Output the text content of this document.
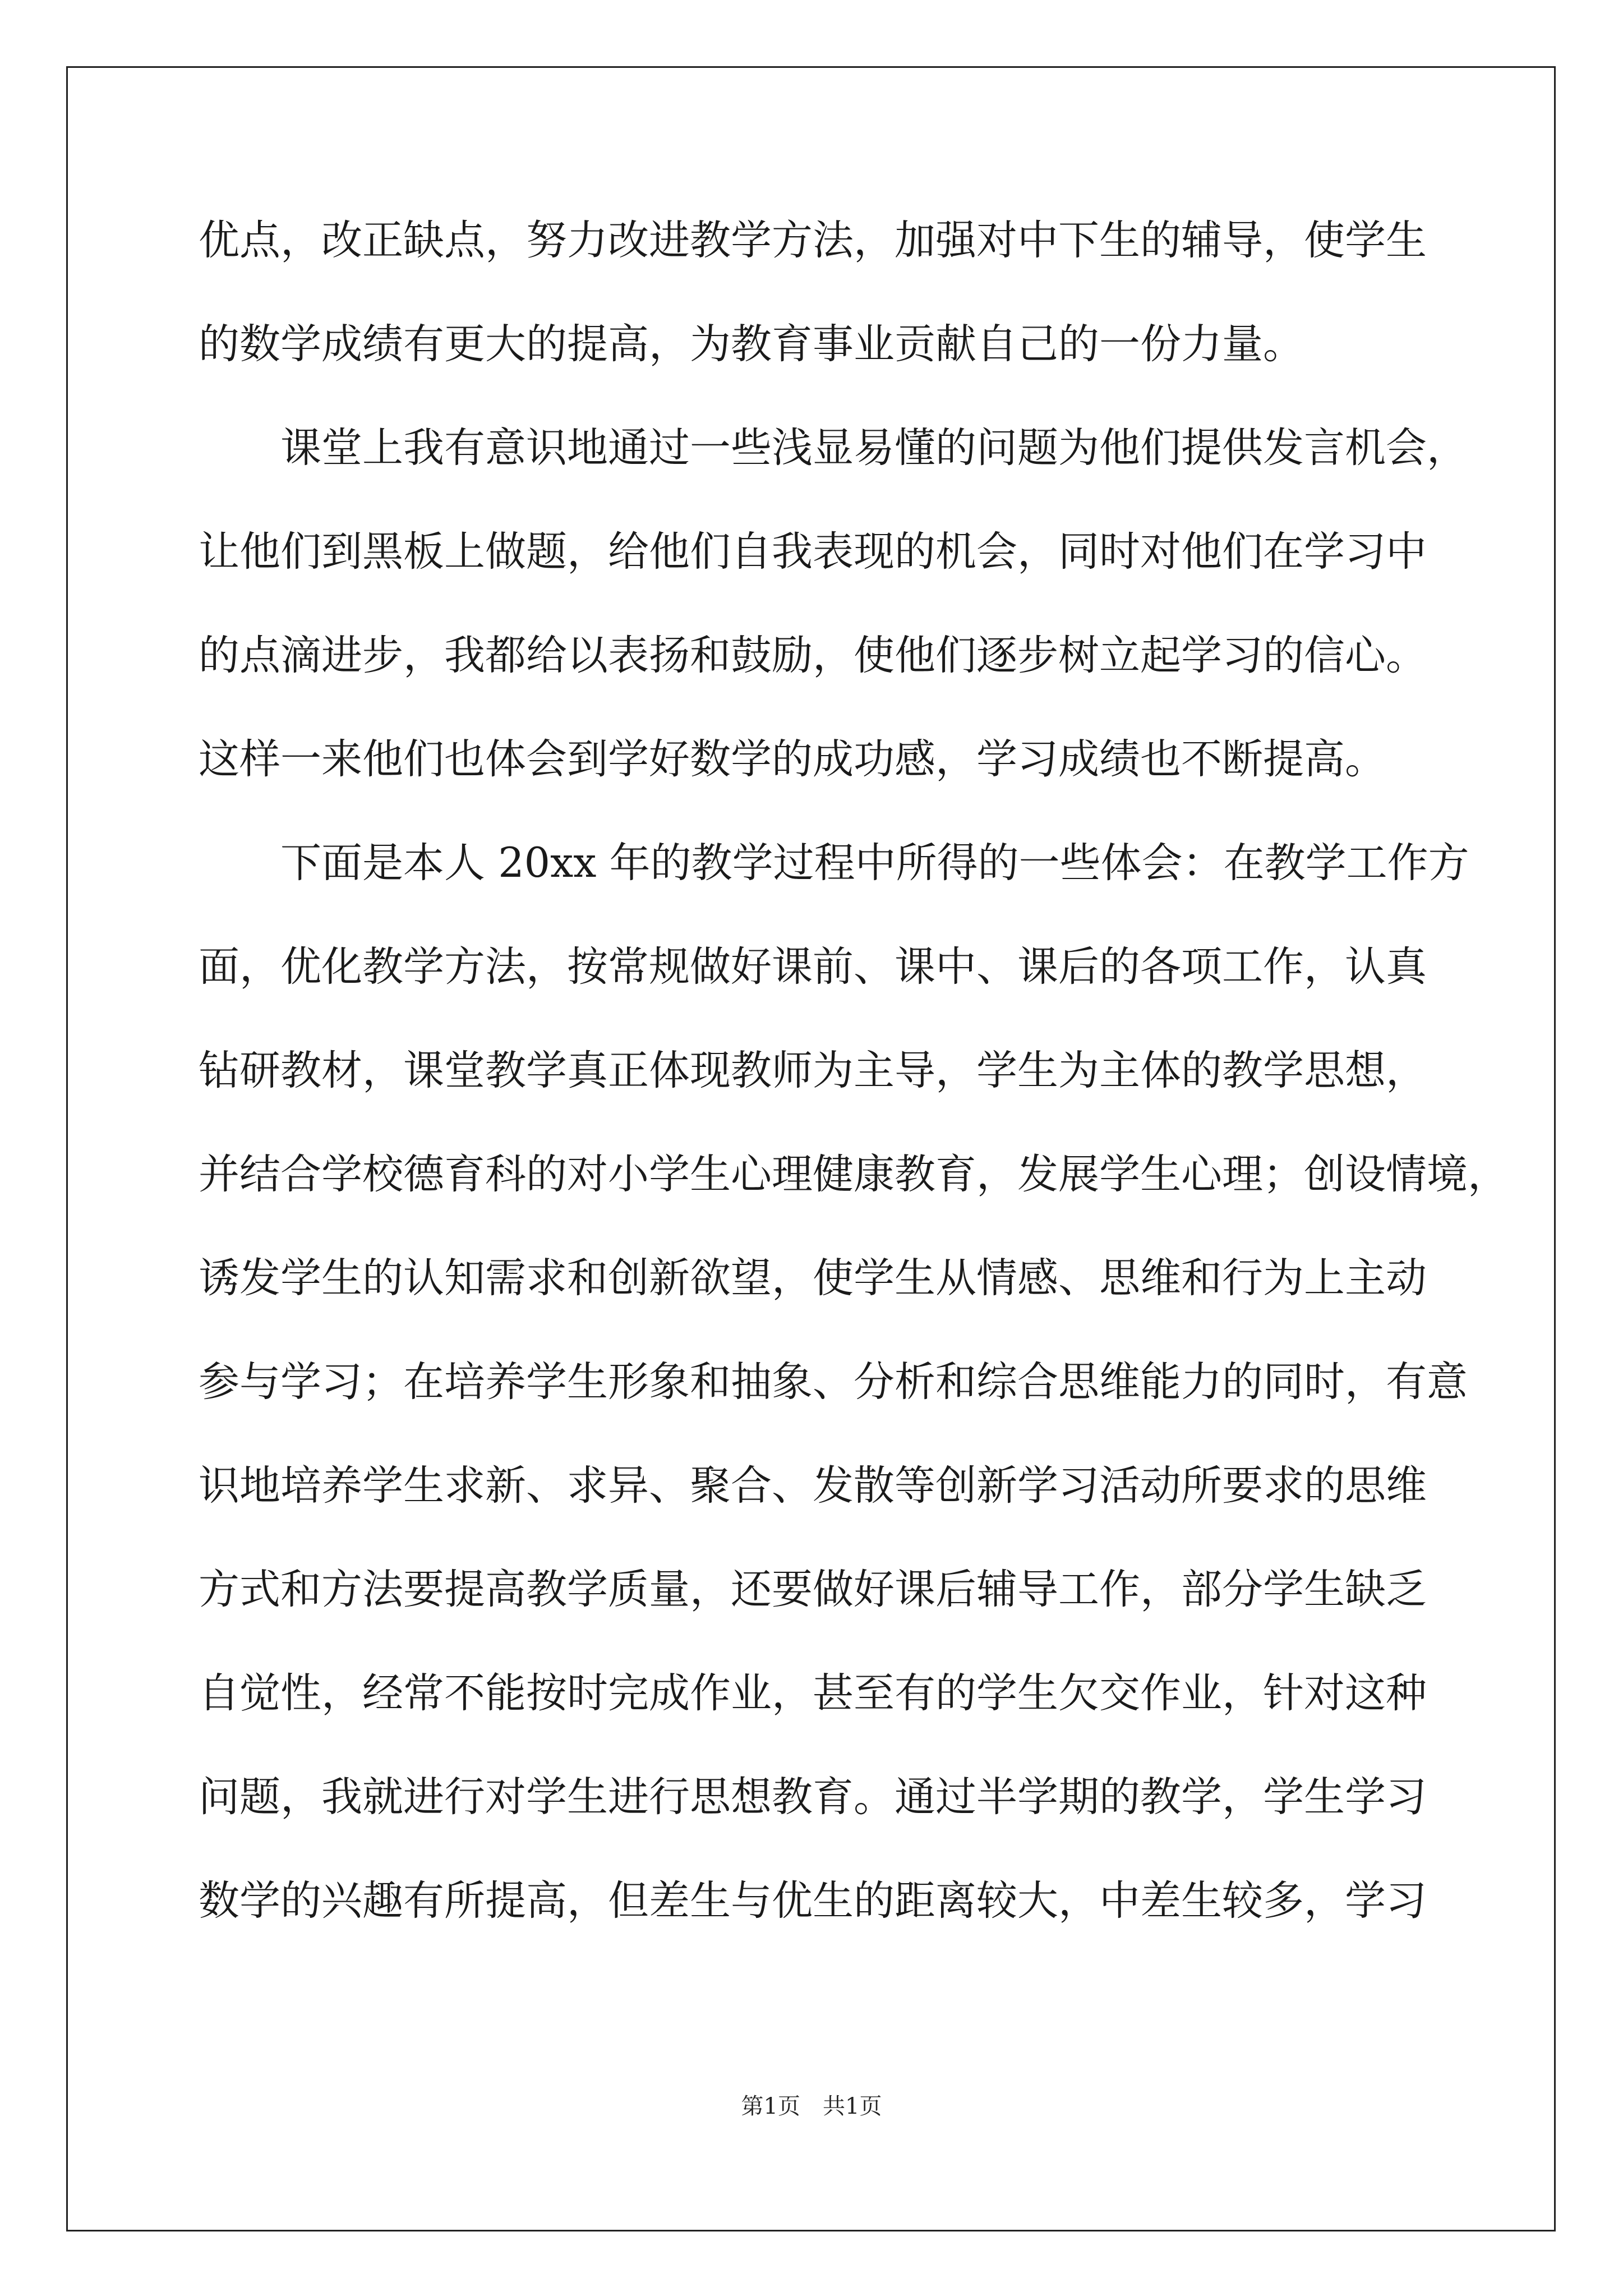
优点，改正缺点，努力改进教学方法，加强对中下生的辅导，使学生
的数学成绩有更大的提高，为教育事业贡献自己的一份力量。
　　课堂上我有意识地通过一些浅显易懂的问题为他们提供发言机会，
让他们到黑板上做题，给他们自我表现的机会，同时对他们在学习中
的点滴进步，我都给以表扬和鼓励，使他们逐步树立起学习的信心。
这样一来他们也体会到学好数学的成功感，学习成绩也不断提高。
　　下面是本人 20xx 年的教学过程中所得的一些体会：在教学工作方
面，优化教学方法，按常规做好课前、课中、课后的各项工作，认真
钻研教材，课堂教学真正体现教师为主导，学生为主体的教学思想，
并结合学校德育科的对小学生心理健康教育，发展学生心理；创设情境，
诱发学生的认知需求和创新欲望，使学生从情感、思维和行为上主动
参与学习；在培养学生形象和抽象、分析和综合思维能力的同时，有意
识地培养学生求新、求异、聚合、发散等创新学习活动所要求的思维
方式和方法要提高教学质量，还要做好课后辅导工作，部分学生缺乏
自觉性，经常不能按时完成作业，甚至有的学生欠交作业，针对这种
问题，我就进行对学生进行思想教育。通过半学期的教学，学生学习
数学的兴趣有所提高，但差生与优生的距离较大，中差生较多，学习
第1页　共1页
